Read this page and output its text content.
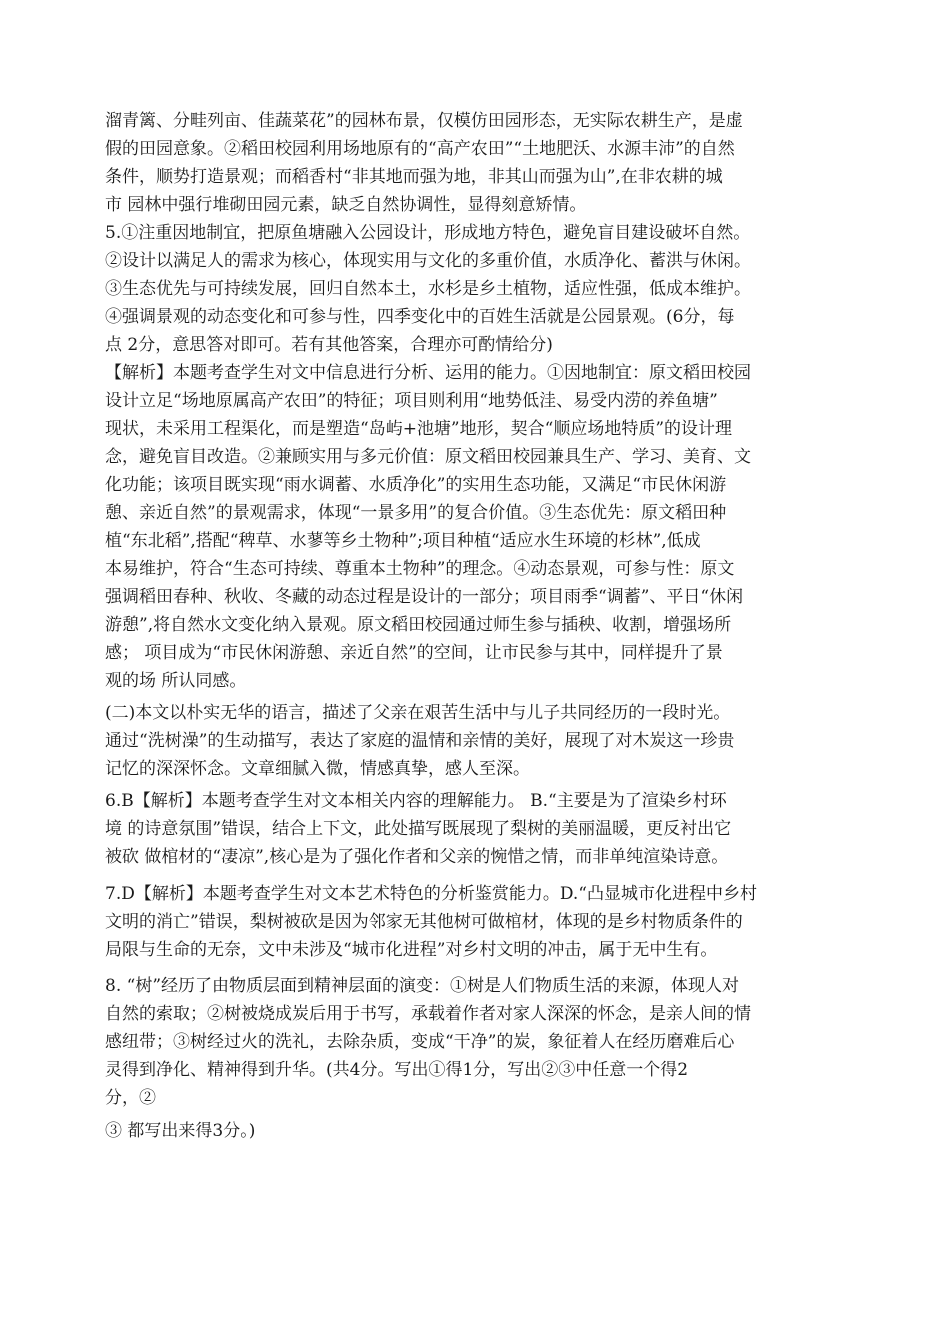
溜青篱、分畦列亩、佳蔬菜花”的园林布景，仅模仿田园形态，无实际农耕生产，是虚
假的田园意象。②稻田校园利用场地原有的“高产农田”“土地肥沃、水源丰沛”的自然
条件，顺势打造景观；而稻香村“非其地而强为地，非其山而强为山”,在非农耕的城
市 园林中强行堆砌田园元素，缺乏自然协调性，显得刻意矫情。
5.①注重因地制宜，把原鱼塘融入公园设计，形成地方特色，避免盲目建设破坏自然。
②设计以满足人的需求为核心，体现实用与文化的多重价值，水质净化、蓄洪与休闲。
③生态优先与可持续发展，回归自然本土，水杉是乡土植物，适应性强，低成本维护。
④强调景观的动态变化和可参与性，四季变化中的百姓生活就是公园景观。(6分，每
点 2分，意思答对即可。若有其他答案，合理亦可酌情给分)
【解析】本题考查学生对文中信息进行分析、运用的能力。①因地制宜：原文稻田校园
设计立足“场地原属高产农田”的特征；项目则利用“地势低洼、易受内涝的养鱼塘”
现状，未采用工程渠化，而是塑造“岛屿+池塘”地形，契合“顺应场地特质”的设计理
念，避免盲目改造。②兼顾实用与多元价值：原文稻田校园兼具生产、学习、美育、文
化功能；该项目既实现“雨水调蓄、水质净化”的实用生态功能，又满足“市民休闲游
憩、亲近自然”的景观需求，体现“一景多用”的复合价值。③生态优先：原文稻田种
植“东北稻”,搭配“稗草、水蓼等乡土物种”;项目种植“适应水生环境的杉林”,低成
本易维护，符合“生态可持续、尊重本土物种”的理念。④动态景观，可参与性：原文
强调稻田春种、秋收、冬藏的动态过程是设计的一部分；项目雨季“调蓄”、平日“休闲
游憩”,将自然水文变化纳入景观。原文稻田校园通过师生参与插秧、收割，增强场所
感； 项目成为“市民休闲游憩、亲近自然”的空间，让市民参与其中，同样提升了景
观的场 所认同感。
(二)本文以朴实无华的语言，描述了父亲在艰苦生活中与儿子共同经历的一段时光。
通过“洗树澡”的生动描写，表达了家庭的温情和亲情的美好，展现了对木炭这一珍贵
记忆的深深怀念。文章细腻入微，情感真挚，感人至深。
6.B【解析】本题考查学生对文本相关内容的理解能力。 B.“主要是为了渲染乡村环
境 的诗意氛围”错误，结合上下文，此处描写既展现了梨树的美丽温暖，更反衬出它
被砍 做棺材的“凄凉”,核心是为了强化作者和父亲的惋惜之情，而非单纯渲染诗意。
7.D【解析】本题考查学生对文本艺术特色的分析鉴赏能力。D.“凸显城市化进程中乡村
文明的消亡”错误，梨树被砍是因为邻家无其他树可做棺材，体现的是乡村物质条件的
局限与生命的无奈，文中未涉及“城市化进程”对乡村文明的冲击，属于无中生有。
8. “树”经历了由物质层面到精神层面的演变：①树是人们物质生活的来源，体现人对
自然的索取；②树被烧成炭后用于书写，承载着作者对家人深深的怀念，是亲人间的情
感纽带；③树经过火的洗礼，去除杂质，变成“干净”的炭，象征着人在经历磨难后心
灵得到净化、精神得到升华。(共4分。写出①得1分，写出②③中任意一个得2
分，②
③ 都写出来得3分。)
